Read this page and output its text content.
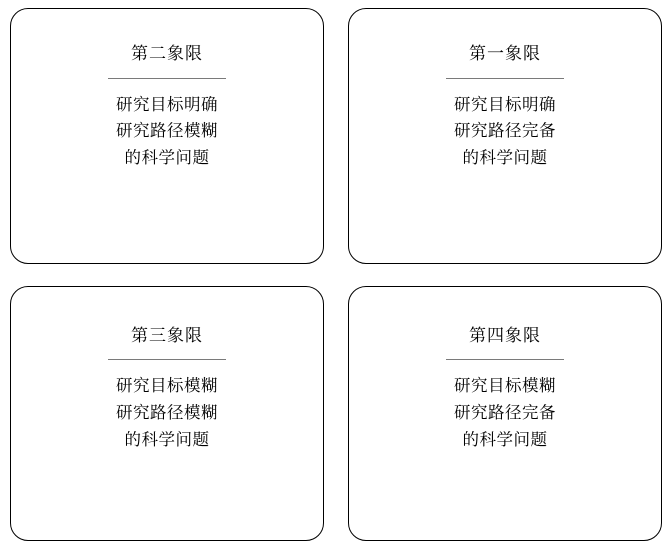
第二象限
研究目标明确
研究路径模糊
的科学问题
第一象限
研究目标明确
研究路径完备
的科学问题
第三象限
研究目标模糊
研究路径模糊
的科学问题
第四象限
研究目标模糊
研究路径完备
的科学问题
